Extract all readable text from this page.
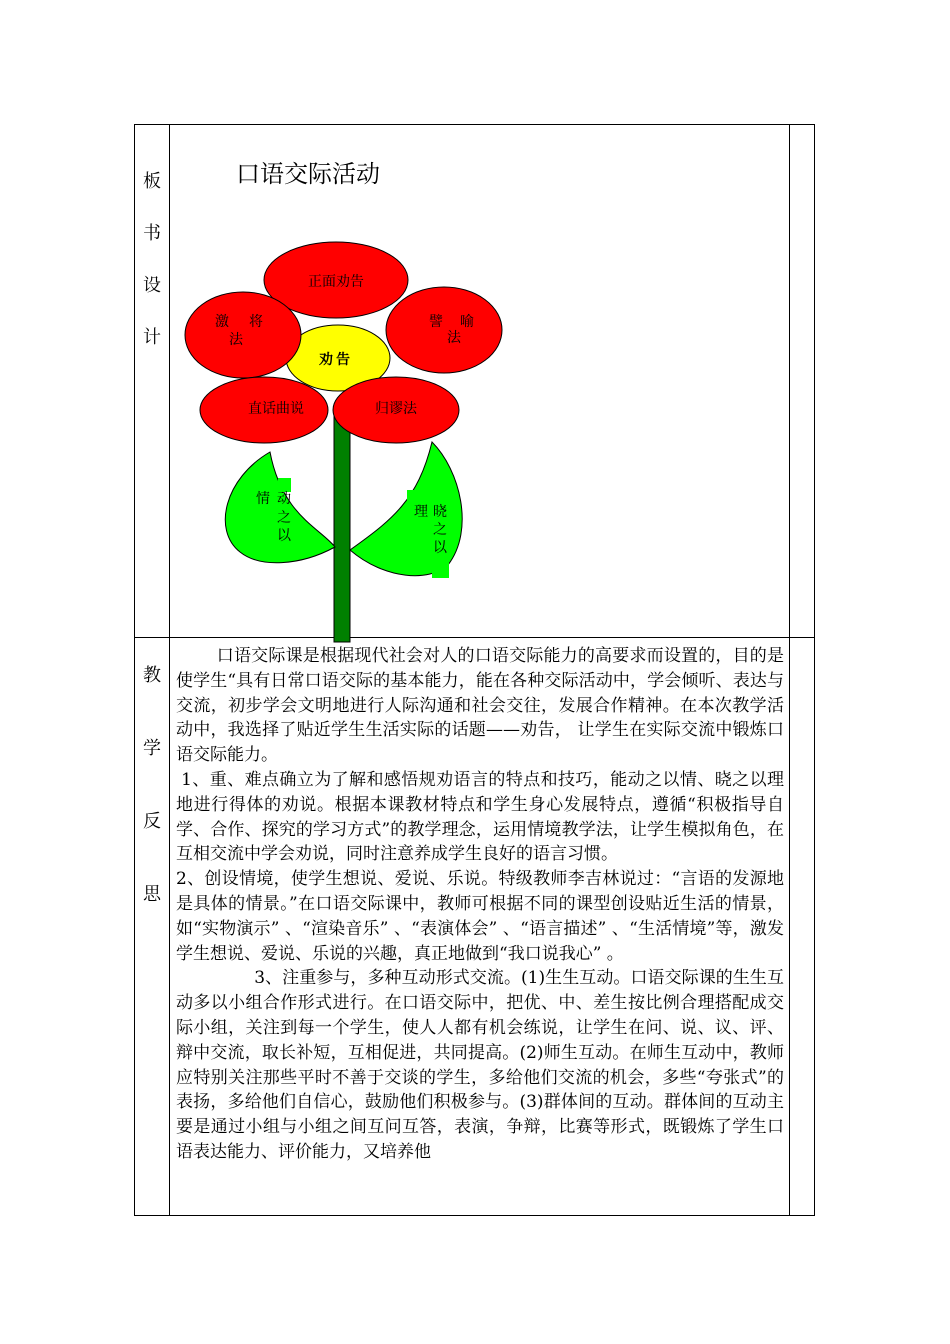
板
书
设
计
教
学
反
思
口语交际活动
正面劝告
劝告
激 将
法
譬 喻
法
直话曲说	归谬法
情 动
之
以
理 晓
之
以

口语交际课是根据现代社会对人的口语交际能力的高要求而设置的，目的是使学生“具有日常口语交际的基本能力，能在各种交际活动中，学会倾听、表达与交流，初步学会文明地进行人际沟通和社会交往，发展合作精神。在本次教学活动中，我选择了贴近学生生活实际的话题——劝告， 让学生在实际交流中锻炼口语交际能力。

1、重、难点确立为了解和感悟规劝语言的特点和技巧，能动之以情、晓之以理地进行得体的劝说。根据本课教材特点和学生身心发展特点，遵循“积极指导自学、合作、探究的学习方式”的教学理念，运用情境教学法，让学生模拟角色，在互相交流中学会劝说，同时注意养成学生良好的语言习惯。

2、创设情境，使学生想说、爱说、乐说。特级教师李吉林说过：“言语的发源地是具体的情景。”在口语交际课中，教师可根据不同的课型创设贴近生活的情景，如“实物演示” 、“渲染音乐” 、“表演体会” 、“语言描述” 、“生活情境”等，激发学生想说、爱说、乐说的兴趣，真正地做到“我口说我心” 。

3、注重参与，多种互动形式交流。(1)生生互动。口语交际课的生生互动多以小组合作形式进行。在口语交际中，把优、中、差生按比例合理搭配成交际小组，关注到每一个学生，使人人都有机会练说，让学生在问、说、议、评、辩中交流，取长补短，互相促进，共同提高。(2)师生互动。在师生互动中，教师应特别关注那些平时不善于交谈的学生，多给他们交流的机会，多些“夸张式”的表扬，多给他们自信心，鼓励他们积极参与。(3)群体间的互动。群体间的互动主要是通过小组与小组之间互问互答，表演，争辩，比赛等形式，既锻炼了学生口语表达能力、评价能力，又培养他
